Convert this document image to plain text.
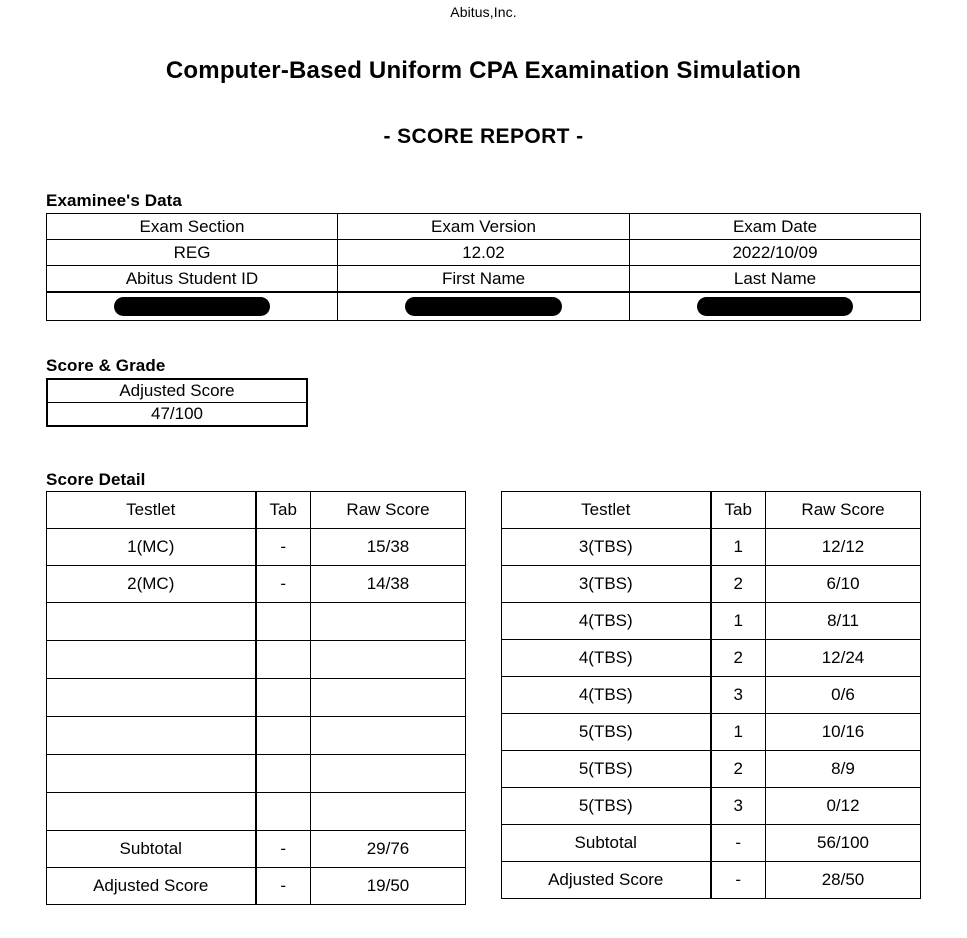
Abitus,Inc.
Computer-Based Uniform CPA Examination Simulation
- SCORE REPORT -
Examinee's Data
Exam Section	Exam Version	Exam Date
REG	12.02	2022/10/09
Abitus Student ID	First Name	Last Name

Score & Grade
Adjusted Score
47/100
Score Detail
Testlet	Tab	Raw Score
1(MC)	-	15/38
2(MC)	-	14/38

Subtotal	-	29/76
Adjusted Score	-	19/50
Testlet	Tab	Raw Score
3(TBS)	1	12/12
3(TBS)	2	6/10
4(TBS)	1	8/11
4(TBS)	2	12/24
4(TBS)	3	0/6
5(TBS)	1	10/16
5(TBS)	2	8/9
5(TBS)	3	0/12
Subtotal	-	56/100
Adjusted Score	-	28/50
